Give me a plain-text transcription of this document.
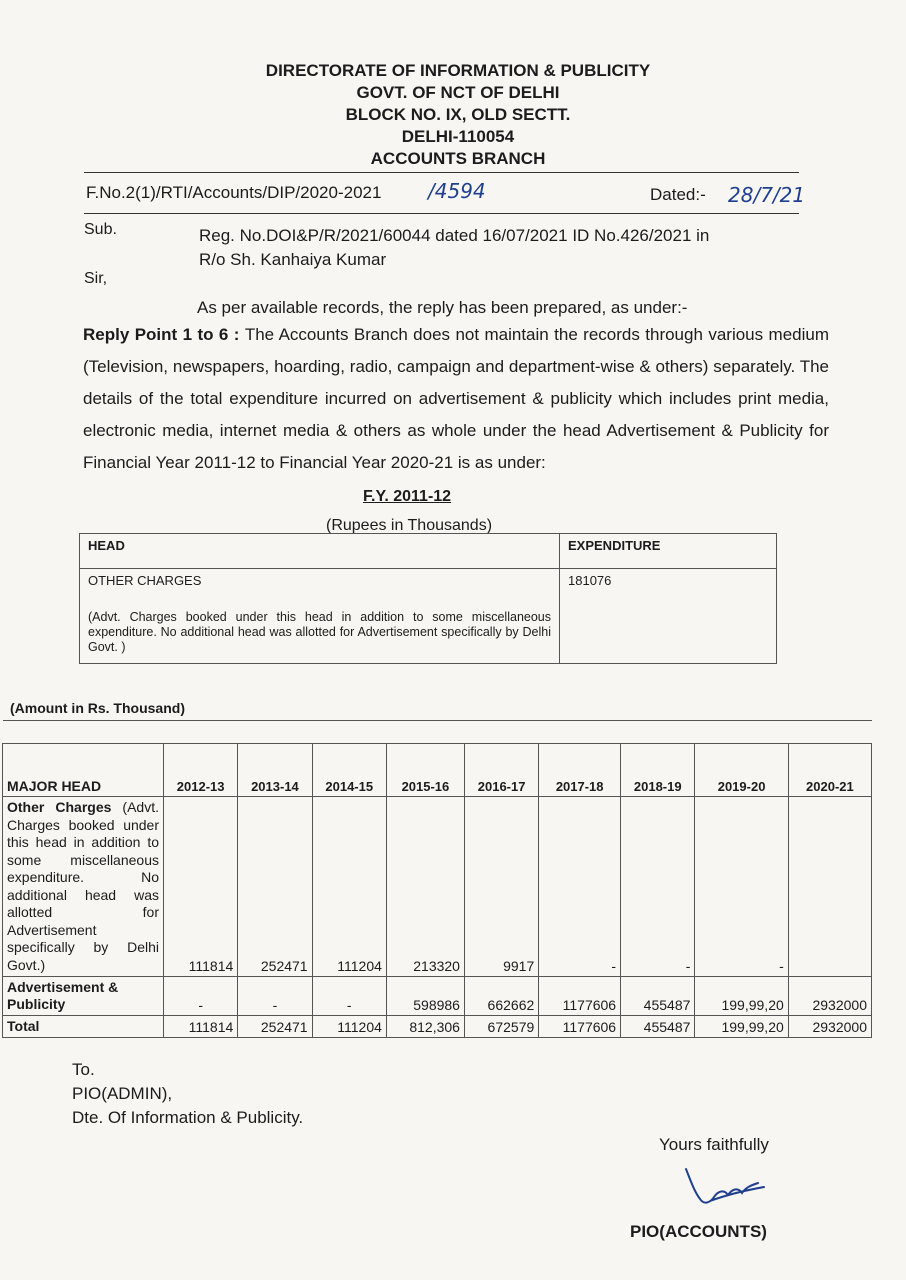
DIRECTORATE OF INFORMATION & PUBLICITY
GOVT. OF NCT OF DELHI
BLOCK NO. IX, OLD SECTT.
DELHI-110054
ACCOUNTS BRANCH
F.No.2(1)/RTI/Accounts/DIP/2020-2021 /4594	Dated:- 28/7/21
Sub.	Reg. No.DOI&P/R/2021/60044 dated 16/07/2021 ID No.426/2021 in
R/o Sh. Kanhaiya Kumar
Sir,
As per available records, the reply has been prepared, as under:-
Reply Point 1 to 6 : The Accounts Branch does not maintain the records through various medium (Television, newspapers, hoarding, radio, campaign and department-wise & others) separately. The details of the total expenditure incurred on advertisement & publicity which includes print media, electronic media, internet media & others as whole under the head Advertisement & Publicity for Financial Year 2011-12 to Financial Year 2020-21 is as under:
F.Y. 2011-12
(Rupees in Thousands)
HEAD	EXPENDITURE

OTHER CHARGES
(Advt. Charges booked under this head in addition to some miscellaneous expenditure. No additional head was allotted for Advertisement specifically by Delhi Govt. )	181076
(Amount in Rs. Thousand)

MAJOR HEAD	2012-13	2013-14	2014-15	2015-16	2016-17	2017-18	2018-19	2019-20	2020-21
Other Charges (Advt. Charges booked under this head in addition to some miscellaneous expenditure. No additional head was allotted for Advertisement specifically by Delhi Govt.)	111814	252471	111204	213320	9917	-	-	-	
Advertisement & Publicity	-	-	-	598986	662662	1177606	455487	199,99,20	2932000
Total	111814	252471	111204	812,306	672579	1177606	455487	199,99,20	2932000
To.
PIO(ADMIN),
Dte. Of Information & Publicity.
Yours faithfully
PIO(ACCOUNTS)
